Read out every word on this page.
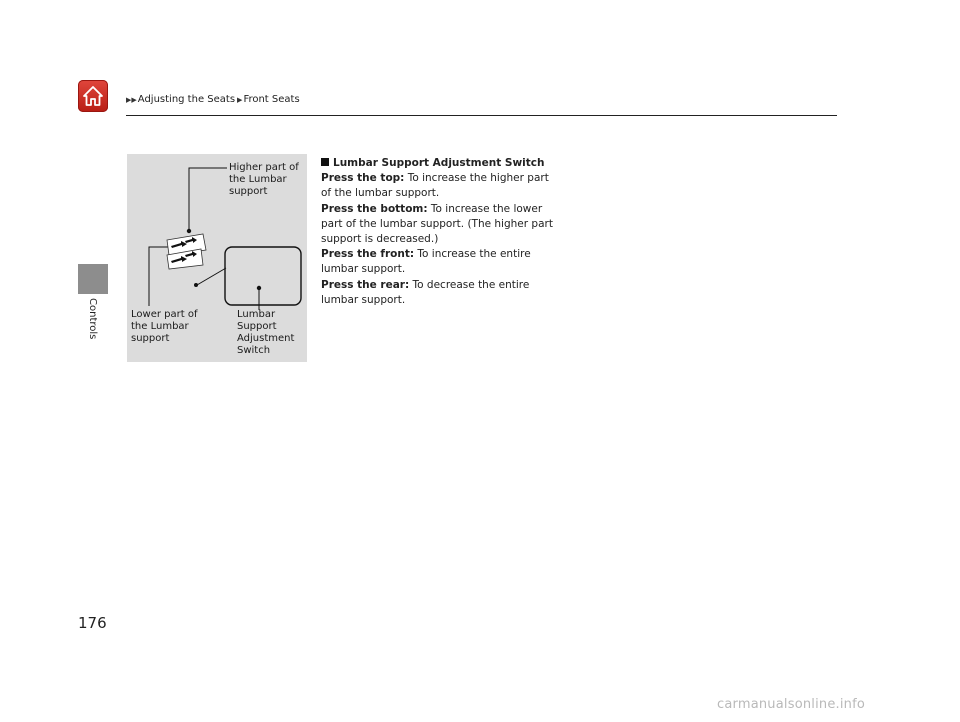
▶▶Adjusting the Seats ▶Front Seats
Controls
Higher part of
the Lumbar
support
Lower part of
the Lumbar
support
Lumbar
Support
Adjustment
Switch
Lumbar Support Adjustment Switch
Press the top: To increase the higher part of the lumbar support.
Press the bottom: To increase the lower part of the lumbar support. (The higher part support is decreased.)
Press the front: To increase the entire lumbar support.
Press the rear: To decrease the entire lumbar support.
176
carmanualsonline.info
